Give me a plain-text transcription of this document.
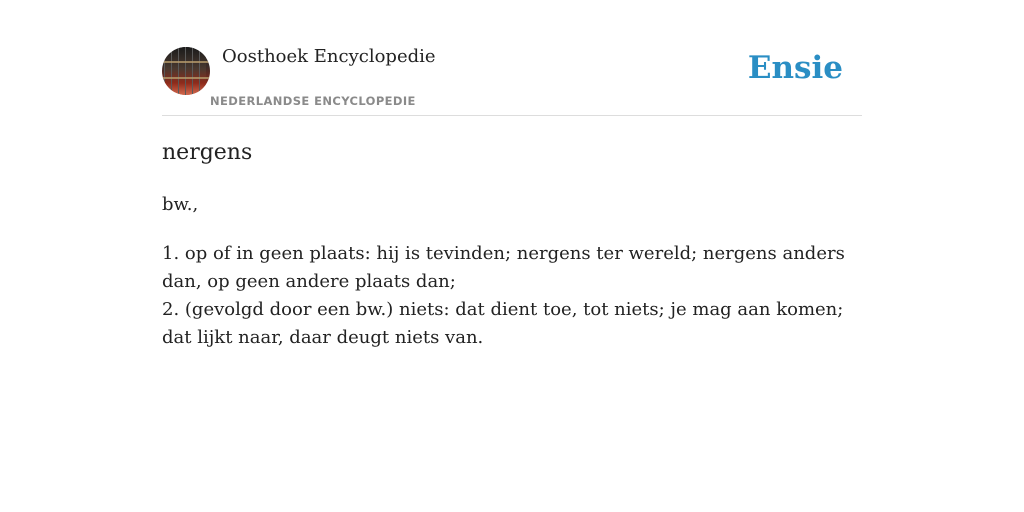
Oosthoek Encyclopedie
NEDERLANDSE ENCYCLOPEDIE
Ensie
nergens
bw.,

1. op of in geen plaats: hij is tevinden; nergens ter wereld; nergens anders dan, op geen andere plaats dan;

2. (gevolgd door een bw.) niets: dat dient toe, tot niets; je mag aan komen; dat lijkt naar, daar deugt niets van.
